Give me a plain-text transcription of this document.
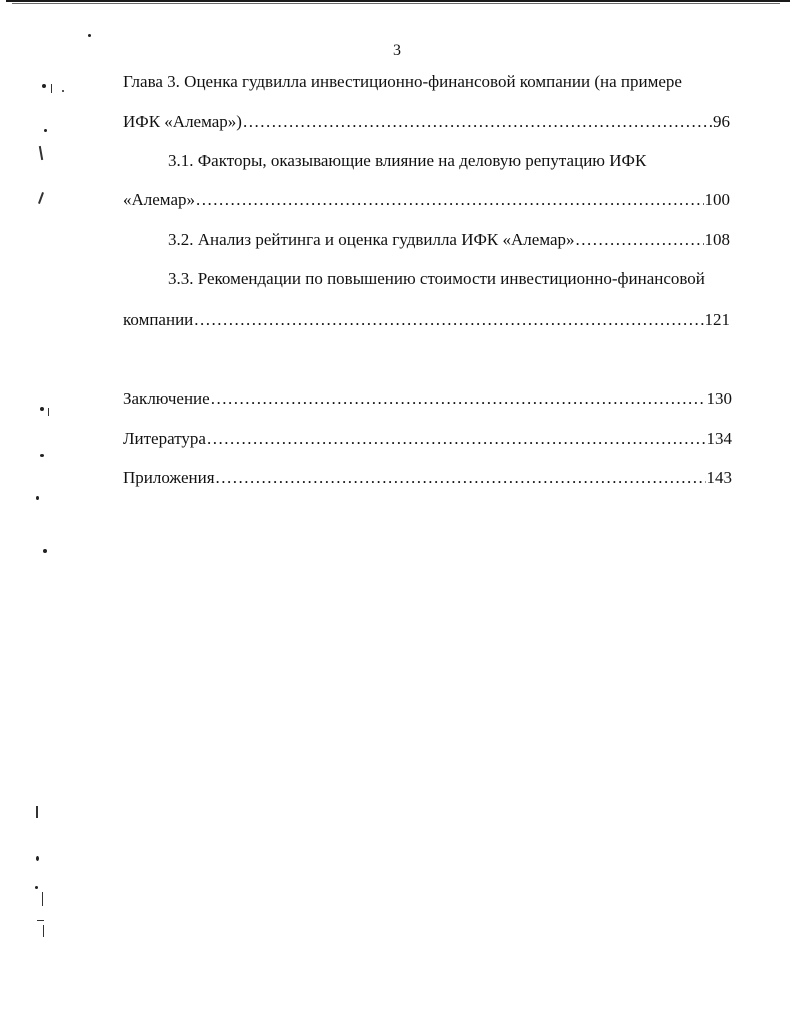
3
Глава 3. Оценка гудвилла инвестиционно-финансовой компании (на примере
ИФК «Алемар») .....	96
3.1. Факторы, оказывающие влияние на деловую репутацию ИФК
«Алемар» .....	100
3.2. Анализ рейтинга и оценка гудвилла ИФК «Алемар» .....	108
3.3. Рекомендации по повышению стоимости инвестиционно-финансовой
компании .....	121
Заключение .....	130
Литература .....	134
Приложения .....	143
